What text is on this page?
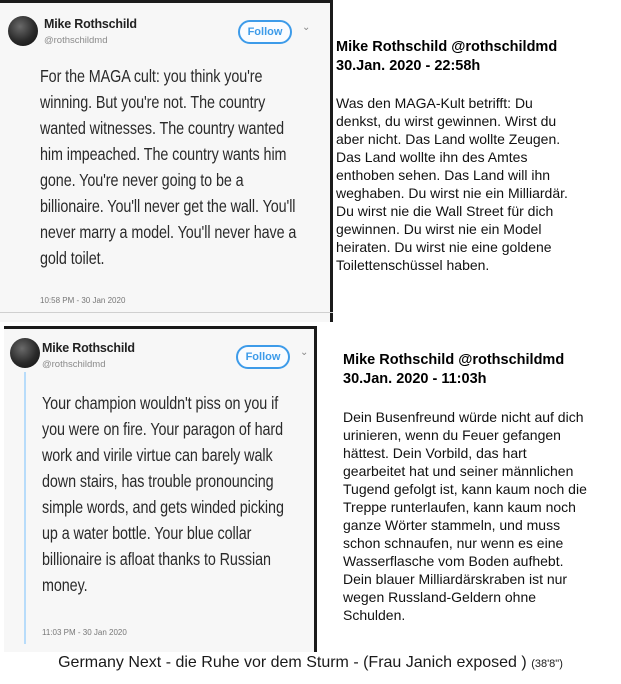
Mike Rothschild
@rothschildmd
Follow	⌄
For the MAGA cult: you think you're
winning. But you're not. The country
wanted witnesses. The country wanted
him impeached. The country wants him
gone. You're never going to be a
billionaire. You'll never get the wall. You'll
never marry a model. You'll never have a
gold toilet.
10:58 PM - 30 Jan 2020
Mike Rothschild
@rothschildmd
Follow	⌄
Your champion wouldn't piss on you if
you were on fire. Your paragon of hard
work and virile virtue can barely walk
down stairs, has trouble pronouncing
simple words, and gets winded picking
up a water bottle. Your blue collar
billionaire is afloat thanks to Russian
money.
11:03 PM - 30 Jan 2020
Mike Rothschild @rothschildmd
30.Jan. 2020 - 22:58h
Was den MAGA-Kult betrifft: Du
denkst, du wirst gewinnen. Wirst du
aber nicht. Das Land wollte Zeugen.
Das Land wollte ihn des Amtes
enthoben sehen. Das Land will ihn
weghaben. Du wirst nie ein Milliardär.
Du wirst nie die Wall Street für dich
gewinnen. Du wirst nie ein Model
heiraten. Du wirst nie eine goldene
Toilettenschüssel haben.
Mike Rothschild @rothschildmd
30.Jan. 2020 - 11:03h
Dein Busenfreund würde nicht auf dich
urinieren, wenn du Feuer gefangen
hättest. Dein Vorbild, das hart
gearbeitet hat und seiner männlichen
Tugend gefolgt ist, kann kaum noch die
Treppe runterlaufen, kann kaum noch
ganze Wörter stammeln, und muss
schon schnaufen, nur wenn es eine
Wasserflasche vom Boden aufhebt.
Dein blauer Milliardärskraben ist nur
wegen Russland-Geldern ohne
Schulden.
Germany Next - die Ruhe vor dem Sturm - (Frau Janich exposed ) (38'8")
